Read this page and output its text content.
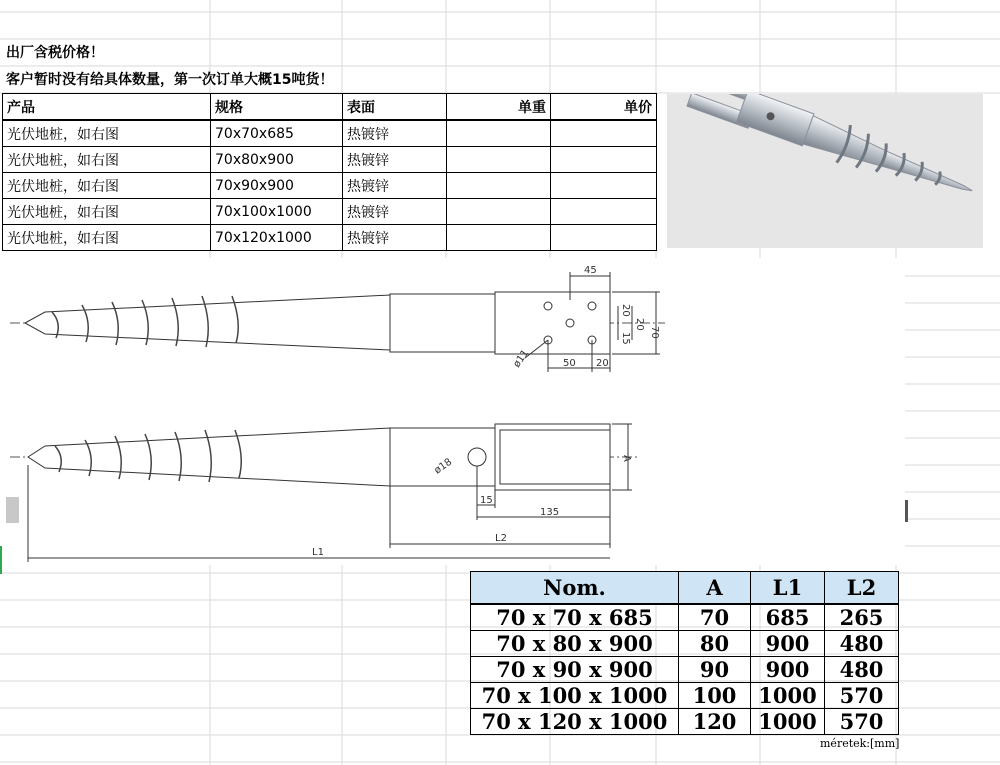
出厂含税价格！
客户暂时没有给具体数量，第一次订单大概15吨货！
产品	规格	表面	单重	单价
光伏地桩，如右图	70x70x685	热镀锌		
光伏地桩，如右图	70x80x900	热镀锌		
光伏地桩，如右图	70x90x900	热镀锌		
光伏地桩，如右图	70x100x1000	热镀锌		
光伏地桩，如右图	70x120x1000	热镀锌		
45
70
20
20
15
50 20
ø11
ø18	A
15
135
L2
L1
Nom.	A	L1	L2
70 x 70 x 685	70	685	265
70 x 80 x 900	80	900	480
70 x 90 x 900	90	900	480
70 x 100 x 1000	100	1000	570
70 x 120 x 1000	120	1000	570
méretek:[mm]
